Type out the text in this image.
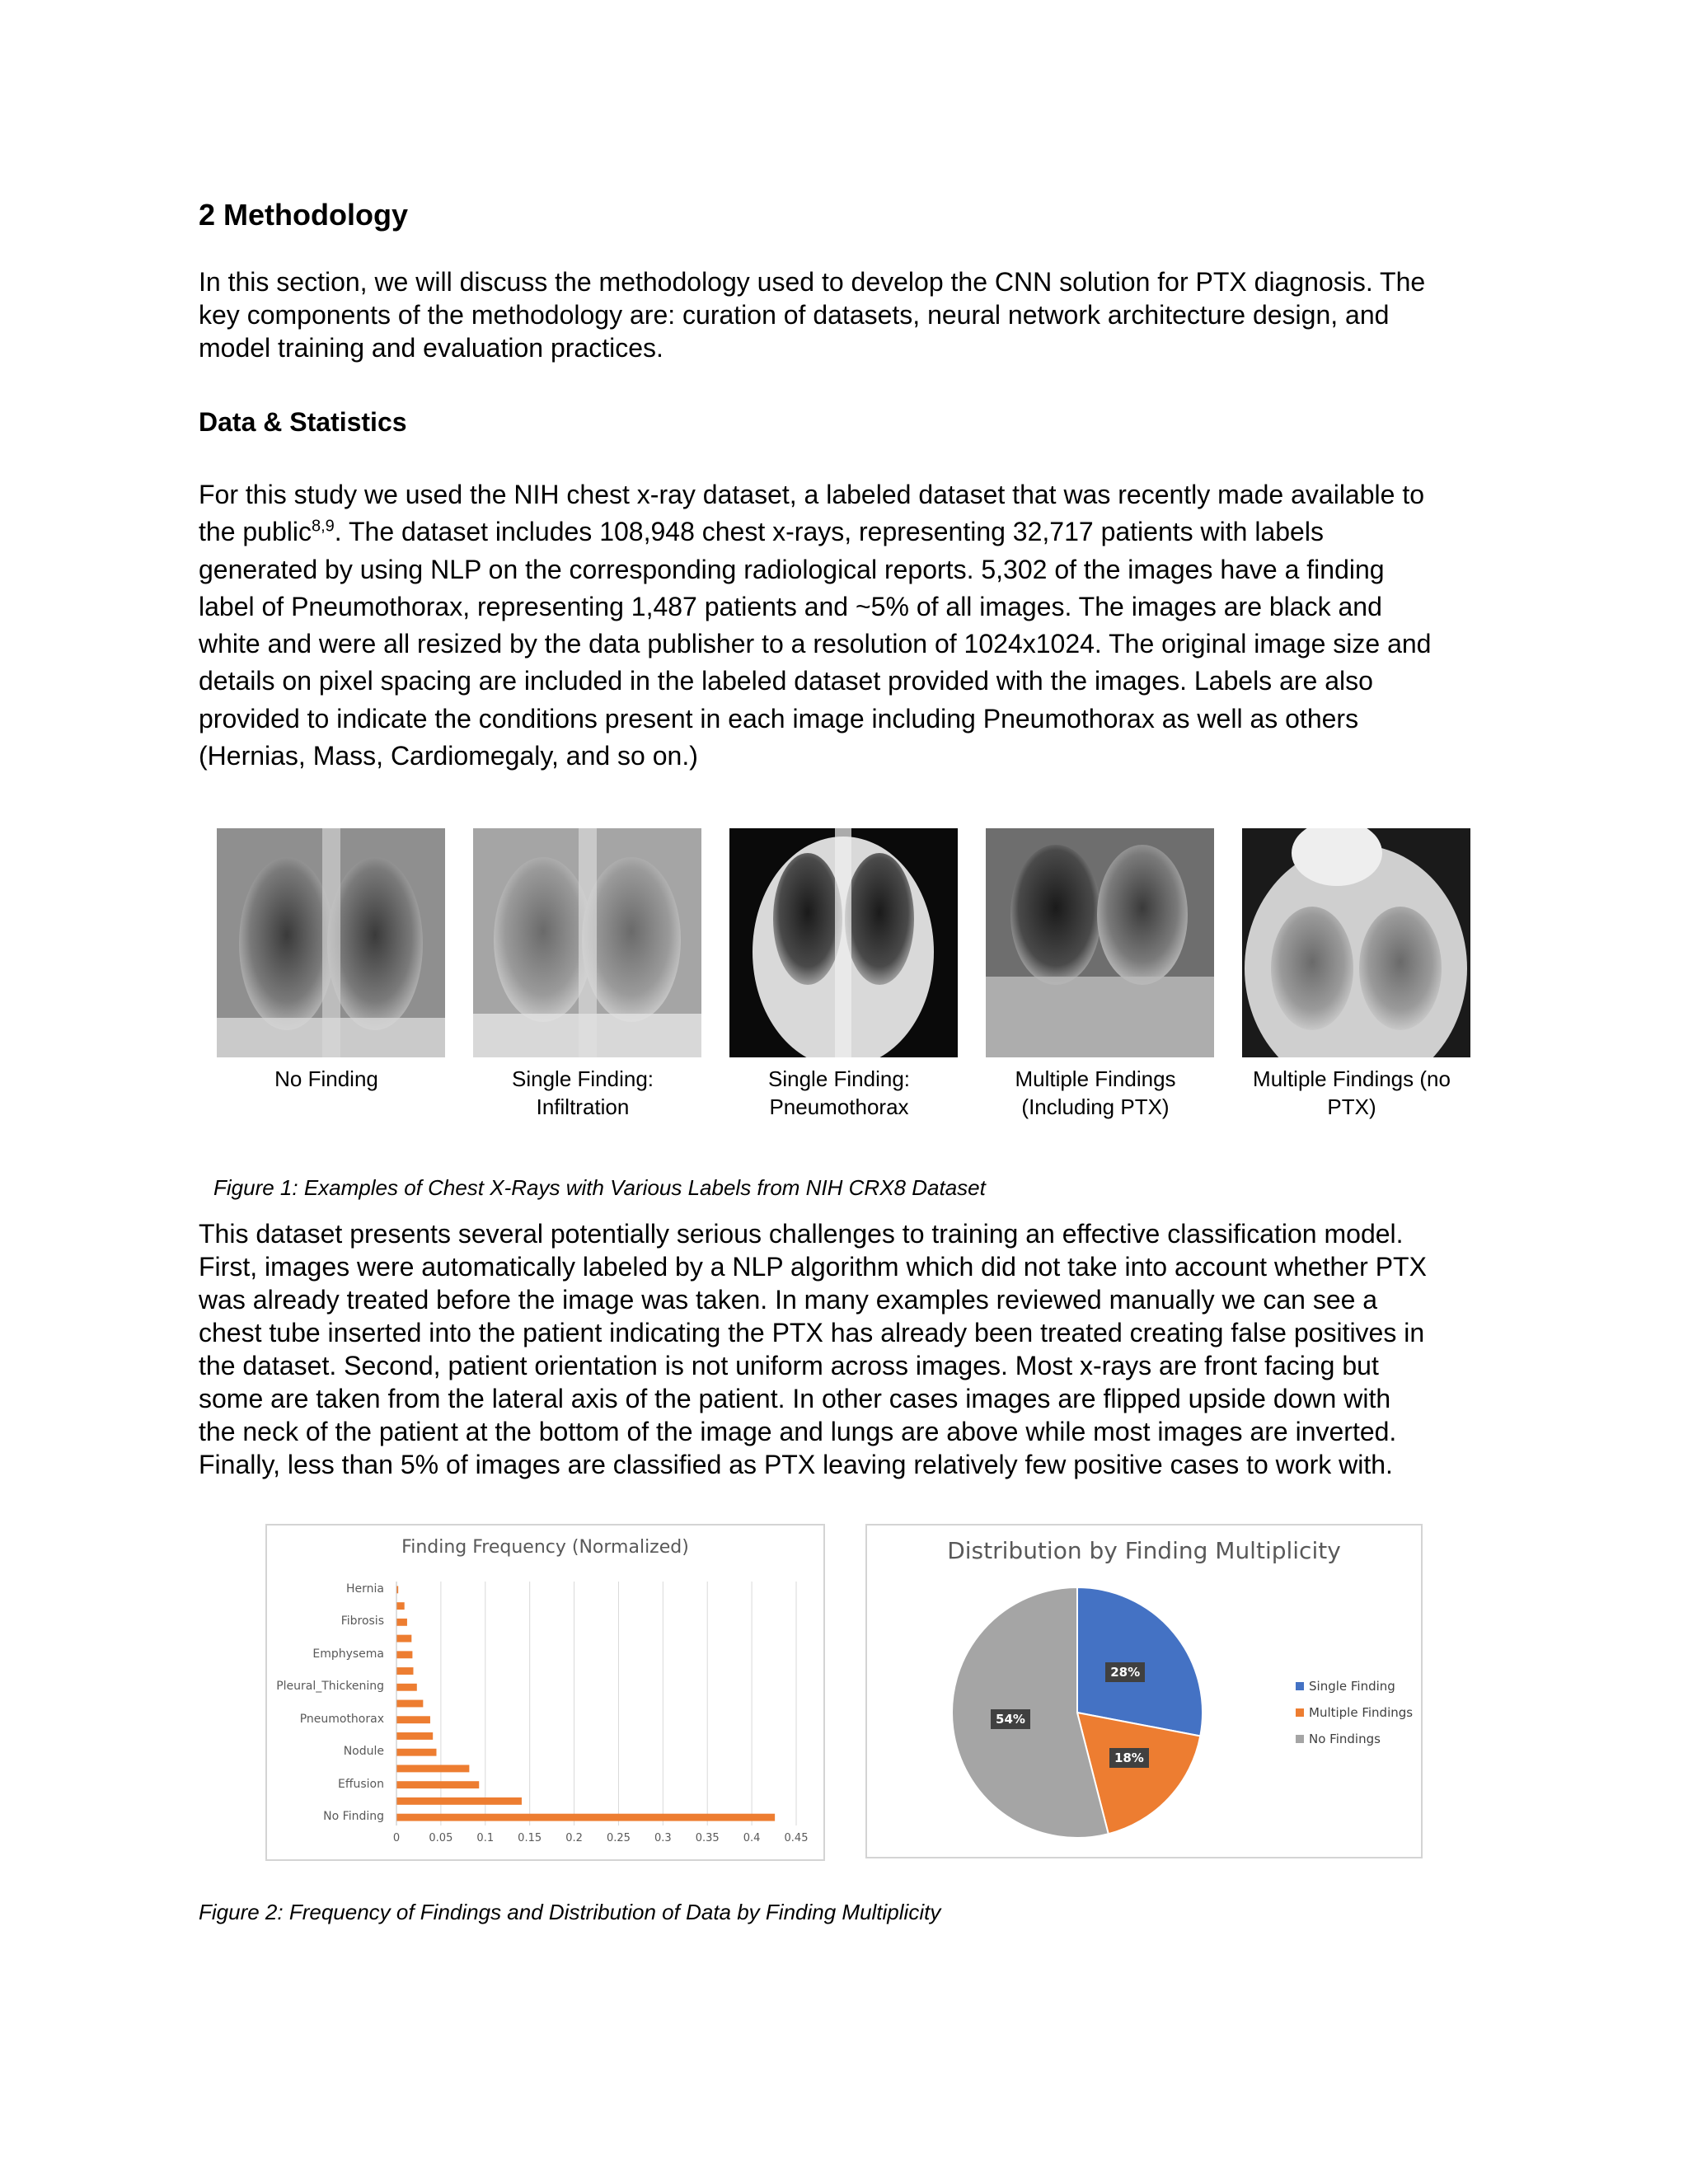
2 Methodology
In this section, we will discuss the methodology used to develop the CNN solution for PTX diagnosis. The
key components of the methodology are: curation of datasets, neural network architecture design, and
model training and evaluation practices.
Data & Statistics
For this study we used the NIH chest x-ray dataset, a labeled dataset that was recently made available to
the public$^{8,9}$. The dataset includes 108,948 chest x-rays, representing 32,717 patients with labels
generated by using NLP on the corresponding radiological reports. 5,302 of the images have a finding
label of Pneumothorax, representing 1,487 patients and ~5% of all images. The images are black and
white and were all resized by the data publisher to a resolution of 1024x1024. The original image size and
details on pixel spacing are included in the labeled dataset provided with the images. Labels are also
provided to indicate the conditions present in each image including Pneumothorax as well as others
(Hernias, Mass, Cardiomegaly, and so on.)
No Finding	Single Finding:
Infiltration
Single Finding:
Pneumothorax
Multiple Findings
(Including PTX)
Multiple Findings (no
PTX)
Figure 1: Examples of Chest X-Rays with Various Labels from NIH CRX8 Dataset
This dataset presents several potentially serious challenges to training an effective classification model.
First, images were automatically labeled by a NLP algorithm which did not take into account whether PTX
was already treated before the image was taken. In many examples reviewed manually we can see a
chest tube inserted into the patient indicating the PTX has already been treated creating false positives in
the dataset. Second, patient orientation is not uniform across images. Most x-rays are front facing but
some are taken from the lateral axis of the patient. In other cases images are flipped upside down with
the neck of the patient at the bottom of the image and lungs are above while most images are inverted.
Finally, less than 5% of images are classified as PTX leaving relatively few positive cases to work with.
Finding Frequency (Normalized)
No Finding
Effusion
Nodule
Pneumothorax
Pleural_Thickening
Emphysema
Fibrosis
Hernia
0	0.05	0.1	0.15	0.2	0.25	0.3	0.35	0.4	0.45
Distribution by Finding Multiplicity
28%
18%
54%
Single Finding
Multiple Findings
No Findings
Figure 2: Frequency of Findings and Distribution of Data by Finding Multiplicity
